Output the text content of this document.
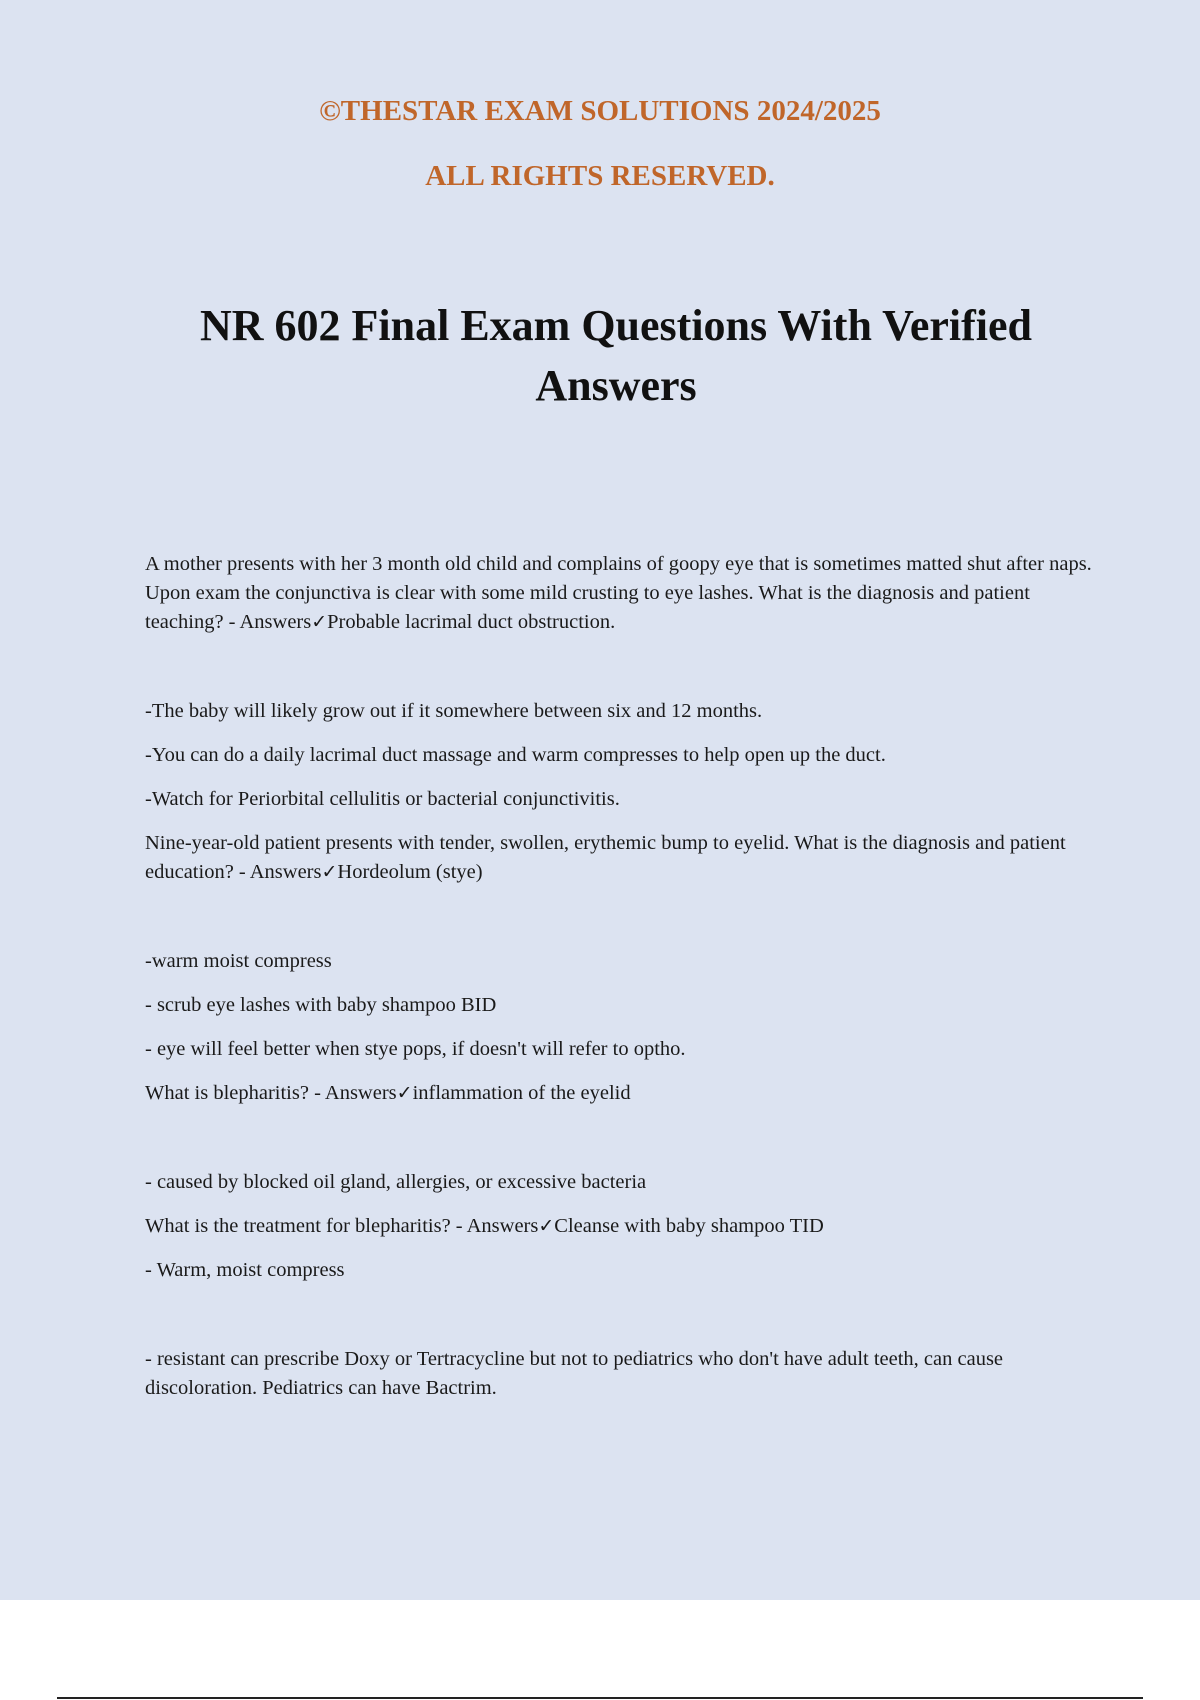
©THESTAR EXAM SOLUTIONS 2024/2025
ALL RIGHTS RESERVED.
NR 602 Final Exam Questions With Verified Answers

A mother presents with her 3 month old child and complains of goopy eye that is sometimes matted shut after naps. Upon exam the conjunctiva is clear with some mild crusting to eye lashes. What is the diagnosis and patient teaching? - Answers✓Probable lacrimal duct obstruction.

-The baby will likely grow out if it somewhere between six and 12 months.

-You can do a daily lacrimal duct massage and warm compresses to help open up the duct.

-Watch for Periorbital cellulitis or bacterial conjunctivitis.

Nine-year-old patient presents with tender, swollen, erythemic bump to eyelid. What is the diagnosis and patient education? - Answers✓Hordeolum (stye)

-warm moist compress

- scrub eye lashes with baby shampoo BID

- eye will feel better when stye pops, if doesn't will refer to optho.

What is blepharitis? - Answers✓inflammation of the eyelid

- caused by blocked oil gland, allergies, or excessive bacteria

What is the treatment for blepharitis? - Answers✓Cleanse with baby shampoo TID

- Warm, moist compress

- resistant can prescribe Doxy or Tertracycline but not to pediatrics who don't have adult teeth, can cause discoloration. Pediatrics can have Bactrim.
